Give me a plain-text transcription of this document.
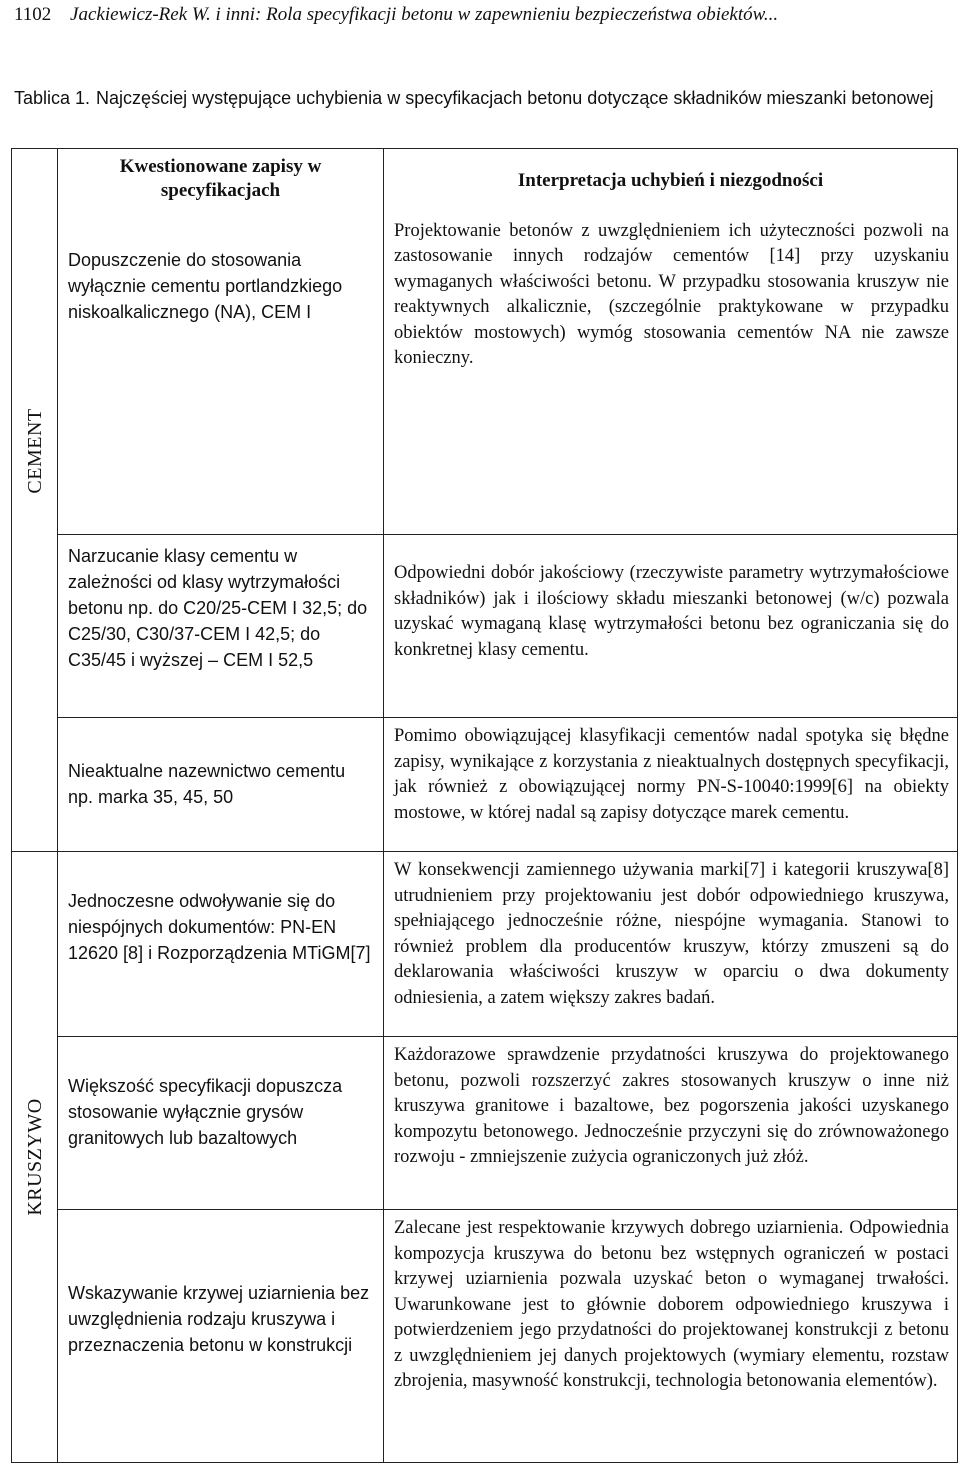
1102 Jackiewicz-Rek W. i inni: Rola specyfikacji betonu w zapewnieniu bezpieczeństwa obiektów...
Tablica 1. Najczęściej występujące uchybienia w specyfikacjach betonu dotyczące składników mieszanki betonowej
CEMENT	Kwestionowane zapisy w specyfikacjach	Interpretacja uchybień i niezgodności
	Dopuszczenie do stosowania wyłącznie cementu portlandzkiego niskoalkalicznego (NA), CEM I	Projektowanie betonów z uwzględnieniem ich użyteczności pozwoli na zastosowanie innych rodzajów cementów [14] przy uzyskaniu wymaganych właściwości betonu. W przypadku stosowania kruszyw nie reaktywnych alkalicznie, (szczególnie praktykowane w przypadku obiektów mostowych) wymóg stosowania cementów NA nie zawsze konieczny.
	Narzucanie klasy cementu w zależności od klasy wytrzymałości betonu np. do C20/25-CEM I 32,5; do C25/30, C30/37-CEM I 42,5; do C35/45 i wyższej – CEM I 52,5	Odpowiedni dobór jakościowy (rzeczywiste parametry wytrzymałościowe składników) jak i ilościowy składu mieszanki betonowej (w/c) pozwala uzyskać wymaganą klasę wytrzymałości betonu bez ograniczania się do konkretnej klasy cementu.
	Nieaktualne nazewnictwo cementu np. marka 35, 45, 50	Pomimo obowiązującej klasyfikacji cementów nadal spotyka się błędne zapisy, wynikające z korzystania z nieaktualnych dostępnych specyfikacji, jak również z obowiązującej normy PN-S-10040:1999[6] na obiekty mostowe, w której nadal są zapisy dotyczące marek cementu.

KRUSZYWO	Jednoczesne odwoływanie się do niespójnych dokumentów: PN-EN 12620 [8] i Rozporządzenia MTiGM[7]	W konsekwencji zamiennego używania marki[7] i kategorii kruszywa[8] utrudnieniem przy projektowaniu jest dobór odpowiedniego kruszywa, spełniającego jednocześnie różne, niespójne wymagania. Stanowi to również problem dla producentów kruszyw, którzy zmuszeni są do deklarowania właściwości kruszyw w oparciu o dwa dokumenty odniesienia, a zatem większy zakres badań.
	Większość specyfikacji dopuszcza stosowanie wyłącznie grysów granitowych lub bazaltowych	Każdorazowe sprawdzenie przydatności kruszywa do projektowanego betonu, pozwoli rozszerzyć zakres stosowanych kruszyw o inne niż kruszywa granitowe i bazaltowe, bez pogorszenia jakości uzyskanego kompozytu betonowego. Jednocześnie przyczyni się do zrównoważonego rozwoju - zmniejszenie zużycia ograniczonych już złóż.
	Wskazywanie krzywej uziarnienia bez uwzględnienia rodzaju kruszywa i przeznaczenia betonu w konstrukcji	Zalecane jest respektowanie krzywych dobrego uziarnienia. Odpowiednia kompozycja kruszywa do betonu bez wstępnych ograniczeń w postaci krzywej uziarnienia pozwala uzyskać beton o wymaganej trwałości. Uwarunkowane jest to głównie doborem odpowiedniego kruszywa i potwierdzeniem jego przydatności do projektowanej konstrukcji z betonu z uwzględnieniem jej danych projektowych (wymiary elementu, rozstaw zbrojenia, masywność konstrukcji, technologia betonowania elementów).
